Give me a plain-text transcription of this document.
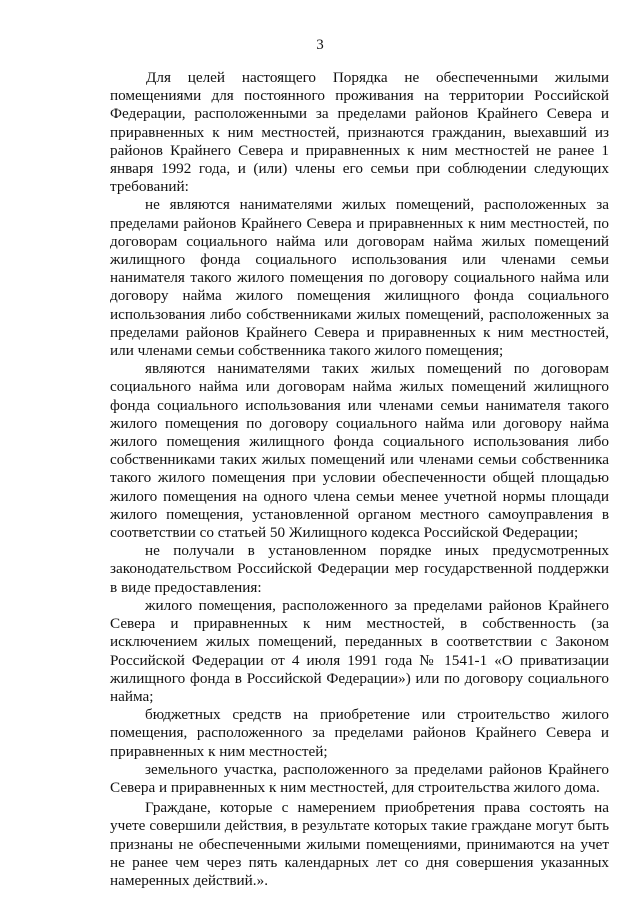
3

Для целей настоящего Порядка не обеспеченными жилыми помещениями для постоянного проживания на территории Российской Федерации, расположенными за пределами районов Крайнего Севера и приравненных к ним местностей, признаются гражданин, выехавший из районов Крайнего Севера и приравненных к ним местностей не ранее 1 января 1992 года, и (или) члены его семьи при соблюдении следующих требований:

не являются нанимателями жилых помещений, расположенных за пределами районов Крайнего Севера и приравненных к ним местностей, по договорам социального найма или договорам найма жилых помещений жилищного фонда социального использования или членами семьи нанимателя такого жилого помещения по договору социального найма или договору найма жилого помещения жилищного фонда социального использования либо собственниками жилых помещений, расположенных за пределами районов Крайнего Севера и приравненных к ним местностей, или членами семьи собственника такого жилого помещения;

являются нанимателями таких жилых помещений по договорам социального найма или договорам найма жилых помещений жилищного фонда социального использования или членами семьи нанимателя такого жилого помещения по договору социального найма или договору найма жилого помещения жилищного фонда социального использования либо собственниками таких жилых помещений или членами семьи собственника такого жилого помещения при условии обеспеченности общей площадью жилого помещения на одного члена семьи менее учетной нормы площади жилого помещения, установленной органом местного самоуправления в соответствии со статьей 50 Жилищного кодекса Российской Федерации;

не получали в установленном порядке иных предусмотренных законодательством Российской Федерации мер государственной поддержки в виде предоставления:

жилого помещения, расположенного за пределами районов Крайнего Севера и приравненных к ним местностей, в собственность (за исключением жилых помещений, переданных в соответствии с Законом Российской Федерации от 4 июля 1991 года № 1541-1 «О приватизации жилищного фонда в Российской Федерации») или по договору социального найма;

бюджетных средств на приобретение или строительство жилого помещения, расположенного за пределами районов Крайнего Севера и приравненных к ним местностей;

земельного участка, расположенного за пределами районов Крайнего Севера и приравненных к ним местностей, для строительства жилого дома.

Граждане, которые с намерением приобретения права состоять на учете совершили действия, в результате которых такие граждане могут быть признаны не обеспеченными жилыми помещениями, принимаются на учет не ранее чем через пять календарных лет со дня совершения указанных намеренных действий.».
